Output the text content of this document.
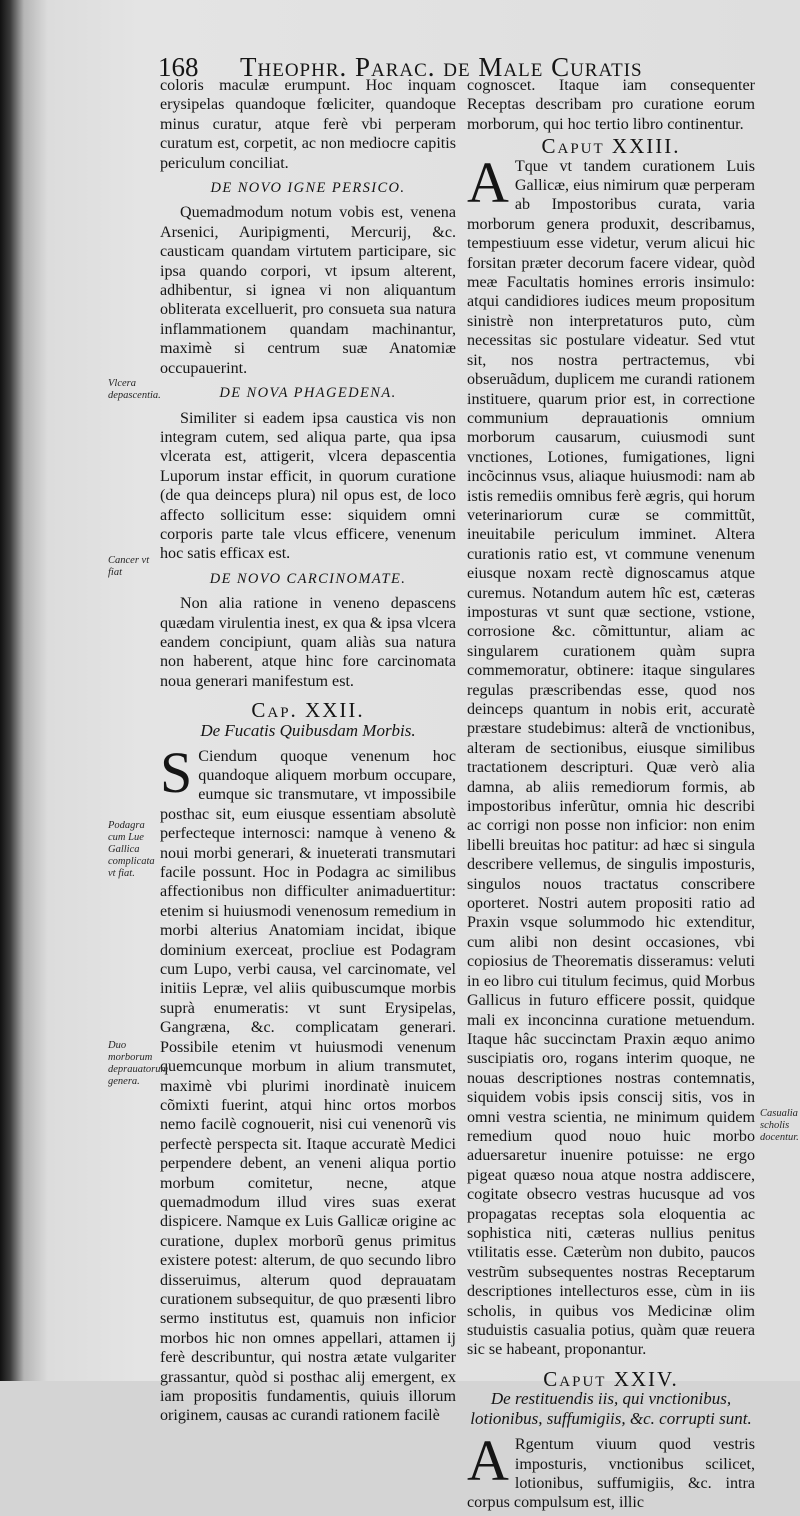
168 Theophr. Parac. de Male Curatis

coloris maculæ erumpunt. Hoc inquam erysipelas quandoque fœliciter, quandoque minus curatur, atque ferè vbi perperam curatum est, corpetit, ac non mediocre capitis periculum conciliat.

DE NOVO IGNE PERSICO.

Quemadmodum notum vobis est, venena Arsenici, Auripigmenti, Mercurij, &c. causticam quandam virtutem participare, sic ipsa quando corpori, vt ipsum alterent, adhibentur, si ignea vi non aliquantum obliterata excelluerit, pro consueta sua natura inflammationem quandam machinantur, maximè si centrum suæ Anatomiæ occupauerint.

DE NOVA PHAGEDENA.

Similiter si eadem ipsa caustica vis non integram cutem, sed aliqua parte, qua ipsa vlcerata est, attigerit, vlcera depascentia Luporum instar efficit, in quorum curatione (de qua deinceps plura) nil opus est, de loco affecto sollicitum esse: siquidem omni corporis parte tale vlcus efficere, venenum hoc satis efficax est.

DE NOVO CARCINOMATE.

Non alia ratione in veneno depascens quædam virulentia inest, ex qua & ipsa vlcera eandem concipiunt, quam aliàs sua natura non haberent, atque hinc fore carcinomata noua generari manifestum est.

Cap. XXII.
De Fucatis Quibusdam Morbis.

S Ciendum quoque venenum hoc quandoque aliquem morbum occupare, eumque sic transmutare, vt impossibile posthac sit, eum eiusque essentiam absolutè perfecteque internosci: namque à veneno & noui morbi generari, & inueterati transmutari facile possunt. Hoc in Podagra ac similibus affectionibus non difficulter animaduertitur: etenim si huiusmodi venenosum remedium in morbi alterius Anatomiam incidat, ibique dominium exerceat, procliue est Podagram cum Lupo, verbi causa, vel carcinomate, vel initiis Lepræ, vel aliis quibuscumque morbis suprà enumeratis: vt sunt Erysipelas, Gangræna, &c. complicatam generari. Possibile etenim vt huiusmodi venenum quemcunque morbum in alium transmutet, maximè vbi plurimi inordinatè inuicem cõmixti fuerint, atqui hinc ortos morbos nemo facilè cognouerit, nisi cui venenorũ vis perfectè perspecta sit. Itaque accuratè Medici perpendere debent, an veneni aliqua portio morbum comitetur, necne, atque quemadmodum illud vires suas exerat dispicere. Namque ex Luis Gallicæ origine ac curatione, duplex morborũ genus primitus existere potest: alterum, de quo secundo libro disseruimus, alterum quod deprauatam curationem subsequitur, de quo præsenti libro sermo institutus est, quamuis non inficior morbos hic non omnes appellari, attamen ij ferè describuntur, qui nostra ætate vulgariter grassantur, quòd si posthac alij emergent, ex iam propositis fundamentis, quiuis illorum originem, causas ac curandi rationem facilè

cognoscet. Itaque iam consequenter Receptas describam pro curatione eorum morborum, qui hoc tertio libro continentur.

Caput XXIII.

A Tque vt tandem curationem Luis Gallicæ, eius nimirum quæ perperam ab Impostoribus curata, varia morborum genera produxit, describamus, tempestiuum esse videtur, verum alicui hic forsitan præter decorum facere videar, quòd meæ Facultatis homines erroris insimulo: atqui candidiores iudices meum propositum sinistrè non interpretaturos puto, cùm necessitas sic postulare videatur. Sed vtut sit, nos nostra pertractemus, vbi obseruãdum, duplicem me curandi rationem instituere, quarum prior est, in correctione communium deprauationis omnium morborum causarum, cuiusmodi sunt vnctiones, Lotiones, fumigationes, ligni incõcinnus vsus, aliaque huiusmodi: nam ab istis remediis omnibus ferè ægris, qui horum veterinariorum curæ se committũt, ineuitabile periculum imminet. Altera curationis ratio est, vt commune venenum eiusque noxam rectè dignoscamus atque curemus. Notandum autem hîc est, cæteras imposturas vt sunt quæ sectione, vstione, corrosione &c. cõmittuntur, aliam ac singularem curationem quàm supra commemoratur, obtinere: itaque singulares regulas præscribendas esse, quod nos deinceps quantum in nobis erit, accuratè præstare studebimus: alterã de vnctionibus, alteram de sectionibus, eiusque similibus tractationem descripturi. Quæ verò alia damna, ab aliis remediorum formis, ab impostoribus inferũtur, omnia hic describi ac corrigi non posse non inficior: non enim libelli breuitas hoc patitur: ad hæc si singula describere vellemus, de singulis imposturis, singulos nouos tractatus conscribere oporteret. Nostri autem propositi ratio ad Praxin vsque solummodo hic extenditur, cum alibi non desint occasiones, vbi copiosius de Theorematis disseramus: veluti in eo libro cui titulum fecimus, quid Morbus Gallicus in futuro efficere possit, quidque mali ex inconcinna curatione metuendum. Itaque hâc succinctam Praxin æquo animo suscipiatis oro, rogans interim quoque, ne nouas descriptiones nostras contemnatis, siquidem vobis ipsis conscij sitis, vos in omni vestra scientia, ne minimum quidem remedium quod nouo huic morbo aduersaretur inuenire potuisse: ne ergo pigeat quæso noua atque nostra addiscere, cogitate obsecro vestras hucusque ad vos propagatas receptas sola eloquentia ac sophistica niti, cæteras nullius penitus vtilitatis esse. Cæterùm non dubito, paucos vestrũm subsequentes nostras Receptarum descriptiones intellecturos esse, cùm in iis scholis, in quibus vos Medicinæ olim studuistis casualia potius, quàm quæ reuera sic se habeant, proponantur.

Caput XXIV.
De restituendis iis, qui vnctionibus, lotionibus, suffumigiis, &c. corrupti sunt.

A Rgentum viuum quod vestris imposturis, vnctionibus scilicet, lotionibus, suffumigiis, &c. intra corpus compulsum est, illic

Vlcera depascentia.
Cancer vt fiat
Podagra cum Lue Gallica complicata vt fiat.
Duo morborum deprauatorum genera.
Casualia scholis docentur.
